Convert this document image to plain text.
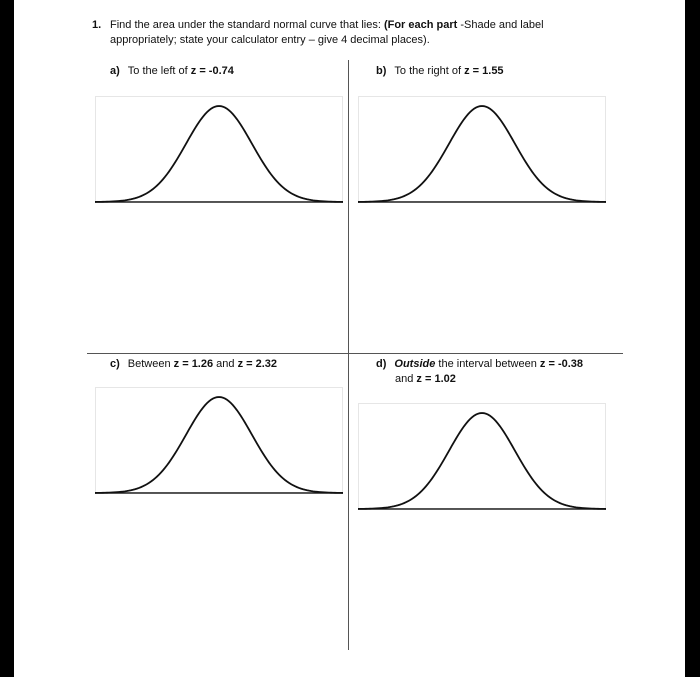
1. Find the area under the standard normal curve that lies: (For each part -Shade and label appropriately; state your calculator entry – give 4 decimal places).
a) To the left of z = -0.74	b) To the right of z = 1.55
c) Between z = 1.26 and z = 2.32	d) Outside the interval between z = -0.38
and z = 1.02
